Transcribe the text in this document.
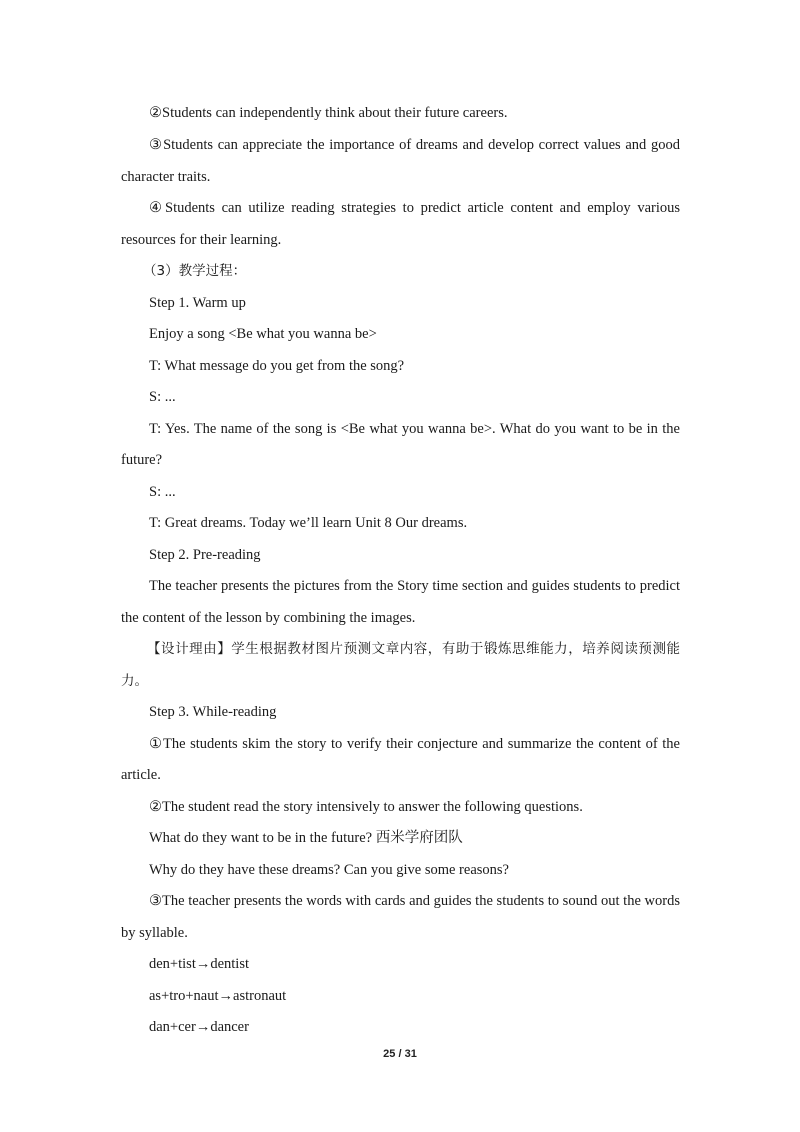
②Students can independently think about their future careers.
③Students can appreciate the importance of dreams and develop correct values and good
character traits.
④Students can utilize reading strategies to predict article content and employ various
resources for their learning.
（3）教学过程：
Step 1. Warm up
Enjoy a song <Be what you wanna be>
T: What message do you get from the song?
S: ...
T: Yes. The name of the song is <Be what you wanna be>. What do you want to be in the
future?
S: ...
T: Great dreams. Today we’ll learn Unit 8 Our dreams.
Step 2. Pre-reading
The teacher presents the pictures from the Story time section and guides students to predict
the content of the lesson by combining the images.
【设计理由】学生根据教材图片预测文章内容，有助于锻炼思维能力，培养阅读预测能
力。
Step 3. While-reading
①The students skim the story to verify their conjecture and summarize the content of the
article.
②The student read the story intensively to answer the following questions.
What do they want to be in the future? 西米学府团队
Why do they have these dreams? Can you give some reasons?
③The teacher presents the words with cards and guides the students to sound out the words
by syllable.
den+tist→dentist
as+tro+naut→astronaut
dan+cer→dancer
25 / 31
